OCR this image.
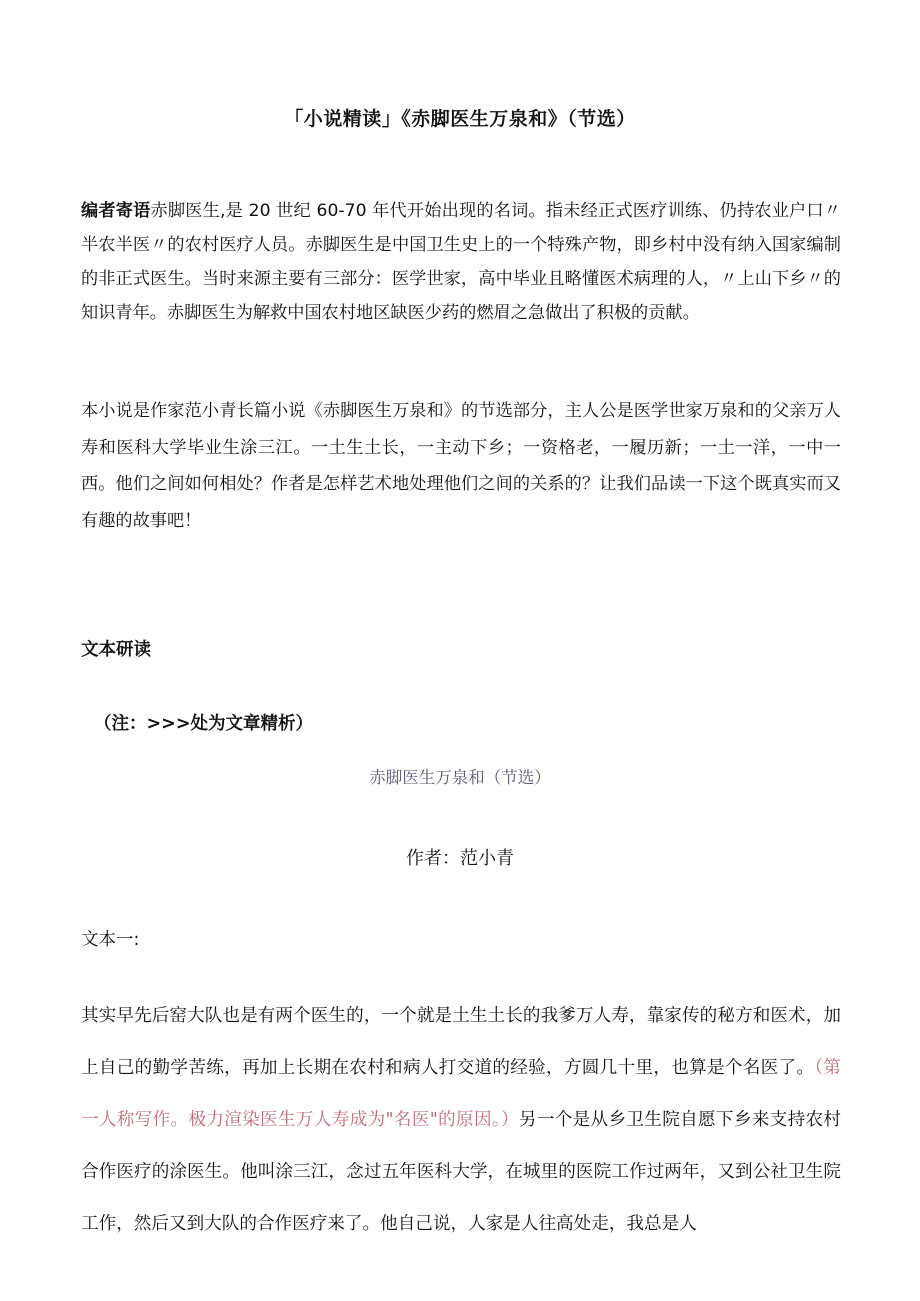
「小说精读」《赤脚医生万泉和》（节选）

编者寄语赤脚医生,是 20 世纪 60-70 年代开始出现的名词。指未经正式医疗训练、仍持农业户口〃半农半医〃的农村医疗人员。赤脚医生是中国卫生史上的一个特殊产物，即乡村中没有纳入国家编制的非正式医生。当时来源主要有三部分：医学世家，高中毕业且略懂医术病理的人，〃上山下乡〃的知识青年。赤脚医生为解救中国农村地区缺医少药的燃眉之急做出了积极的贡献。

本小说是作家范小青长篇小说《赤脚医生万泉和》的节选部分，主人公是医学世家万泉和的父亲万人寿和医科大学毕业生涂三江。一土生土长，一主动下乡；一资格老，一履历新；一土一洋，一中一西。他们之间如何相处？作者是怎样艺术地处理他们之间的关系的？让我们品读一下这个既真实而又有趣的故事吧！

文本研读
（注：>>>处为文章精析）
赤脚医生万泉和（节选）
作者：范小青
文本一:

其实早先后窑大队也是有两个医生的，一个就是土生土长的我爹万人寿，靠家传的秘方和医术，加上自己的勤学苦练，再加上长期在农村和病人打交道的经验，方圆几十里，也算是个名医了。（第一人称写作。极力渲染医生万人寿成为"名医"的原因。）另一个是从乡卫生院自愿下乡来支持农村合作医疗的涂医生。他叫涂三江，念过五年医科大学，在城里的医院工作过两年，又到公社卫生院工作，然后又到大队的合作医疗来了。他自己说，人家是人往高处走，我总是人
